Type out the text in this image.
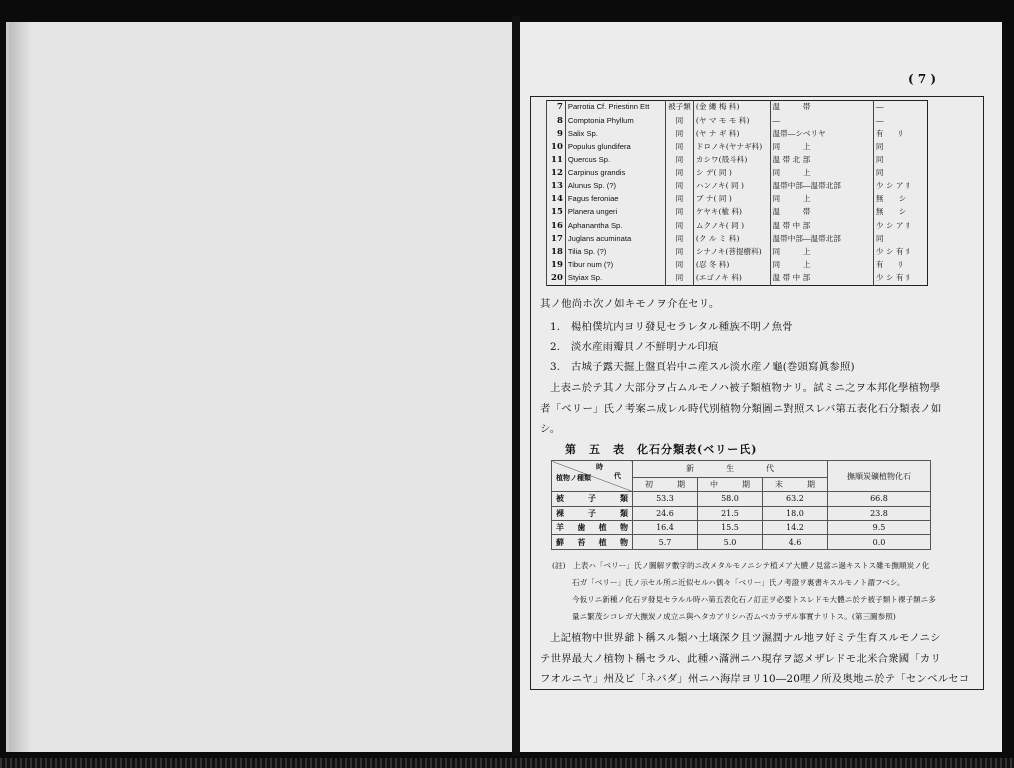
( 7 )
7	Parrotia Cf. Priestinn Ett	被子類	(金 縷 梅 科)	温　　　帯	―
8	Comptonia Phyllum	同	(ヤ マ モ モ 科)	―	―
9	Salix Sp.	同	(ヤ ナ ギ 科)	温帯―シベリヤ	有　　ﾘ
10	Populus glundifera	同	ドロノキ(ヤナギ科)	同　　　上	同
11	Quercus Sp.	同	カシワ(殻斗科)	温 帯 北 部	同
12	Carpinus grandis	同	シ デ( 同 )	同　　　上	同
13	Alunus Sp. (?)	同	ハンノキ( 同 )	温帯中部―温帯北部	少 シ ア ﾘ
14	Fagus feroniae	同	ブ ナ( 同 )	同　　　上	無　　シ
15	Planera ungeri	同	ケヤキ(楡 科)	温　　　帯	無　　シ
16	Aphanantha Sp.	同	ムクノキ( 同 )	温 帯 中 部	少 シ ア ﾘ
17	Juglans acuminata	同	(ク ル ミ 科)	温帯中部―温帯北部	同
18	Tilia Sp. (?)	同	シナノキ(菩提樹科)	同　　　上	少 シ 有 ﾘ
19	Tibur num (?)	同	(忍 冬 科)	同　　　上	有　　ﾘ
20	Styiax Sp.	同	(エゴノキ 科)	温 帯 中 部	少 シ 有 ﾘ
其ノ他尚ホ次ノ如キモノヲ介在セリ。
1.　楊柏僕坑内ヨリ發見セラレタル種族不明ノ魚骨
2.　淡水産雨瓣貝ノ不鮮明ナル印痕
3.　古城子露天掘上盤頁岩中ニ産スル淡水産ノ龜(巻頭寫眞参照)
上表ニ於テ其ノ大部分ヲ占ムルモノハ被子類植物ナリ。試ミニ之ヲ本邦化學植物學
者「ベリー」氏ノ考案ニ成レル時代別植物分類圖ニ對照スレバ第五表化石分類表ノ如
シ。
第　五　表　化石分類表(ベリー氏)
時
代
植物ノ種類	新　　　　生　　　　代			撫順炭礦植物化石
	初　　　期	中　　　期	末　　　期	
被子類	53.3	58.0	63.2	66.8
裸子類	24.6	21.5	18.0	23.8
羊歯植物	16.4	15.5	14.2	9.5
蘚苔植物	5.7	5.0	4.6	0.0
(註)　上表ハ「ベリー」氏ノ圖解ヲ數字的ニ改メタルモノニシテ植メア大體ノ見當ニ過キストス雖モ撫順炭ノ化
石ガ「ベリー」氏ノ示セル所ニ近似セルハ偶々「ベリー」氏ノ考證ヲ裏書キスルモノト謂フベシ。
今仮リニ新種ノ化石ヲ發見セラルル時ハ第五表化石ノ訂正ヲ必要トスレドモ大體ニ於テ被子類ト裸子類ニ多
量ニ繁茂シコレガ大撫炭ノ成立ニ與ヘタカアリシハ否ムベカラザル事實ナリトス。(第三圖参照)
上記植物中世界爺ト稱スル類ハ土壌深ク且ツ濕潤ナル地ヲ好ミテ生育スルモノニシ
テ世界最大ノ植物ト稱セラル、此種ハ滿洲ニハ現存ヲ認メザレドモ北米合衆國「カリ
フオルニヤ」州及ビ「ネバダ」州ニハ海岸ヨリ10―20哩ノ所及奥地ニ於テ「センベルセコ
